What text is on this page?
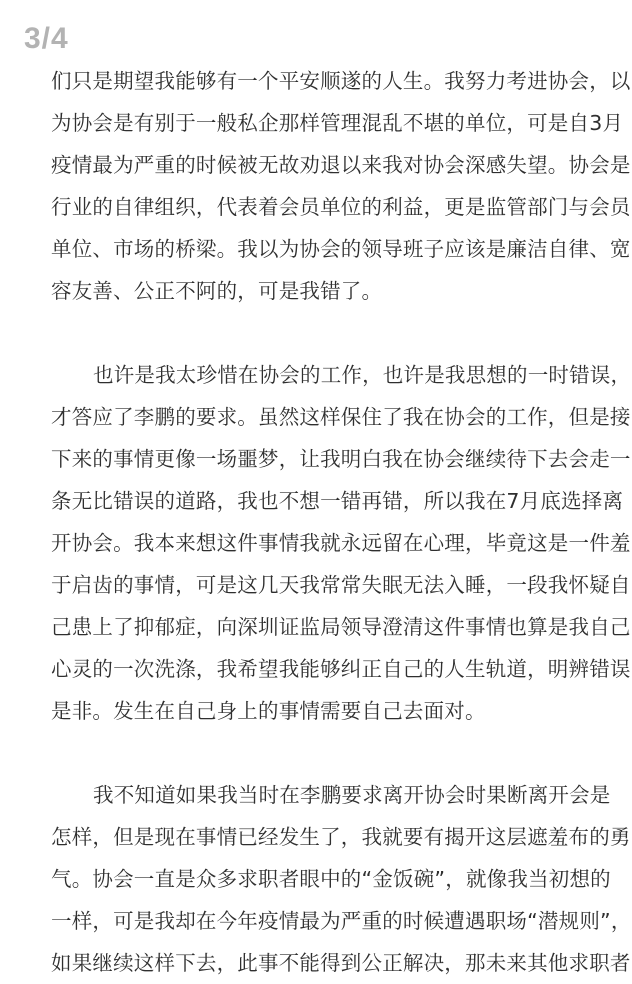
3/4
们只是期望我能够有一个平安顺遂的人生。我努力考进协会，以
为协会是有别于一般私企那样管理混乱不堪的单位，可是自3月
疫情最为严重的时候被无故劝退以来我对协会深感失望。协会是
行业的自律组织，代表着会员单位的利益，更是监管部门与会员
单位、市场的桥梁。我以为协会的领导班子应该是廉洁自律、宽
容友善、公正不阿的，可是我错了。
也许是我太珍惜在协会的工作，也许是我思想的一时错误，
才答应了李鹏的要求。虽然这样保住了我在协会的工作，但是接
下来的事情更像一场噩梦，让我明白我在协会继续待下去会走一
条无比错误的道路，我也不想一错再错，所以我在7月底选择离
开协会。我本来想这件事情我就永远留在心理，毕竟这是一件羞
于启齿的事情，可是这几天我常常失眠无法入睡，一段我怀疑自
己患上了抑郁症，向深圳证监局领导澄清这件事情也算是我自己
心灵的一次洗涤，我希望我能够纠正自己的人生轨道，明辨错误
是非。发生在自己身上的事情需要自己去面对。
我不知道如果我当时在李鹏要求离开协会时果断离开会是
怎样，但是现在事情已经发生了，我就要有揭开这层遮羞布的勇
气。协会一直是众多求职者眼中的“金饭碗”，就像我当初想的
一样，可是我却在今年疫情最为严重的时候遭遇职场“潜规则”，
如果继续这样下去，此事不能得到公正解决，那未来其他求职者
